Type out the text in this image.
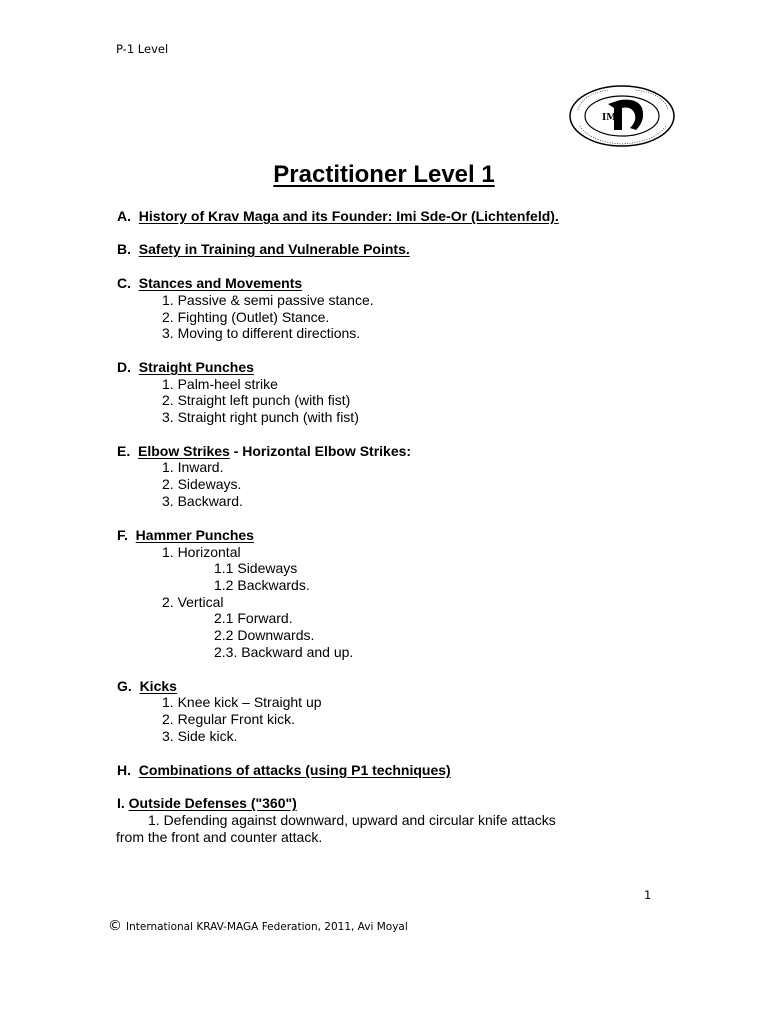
P-1 Level
IMI
Practitioner Level 1
A. History of Krav Maga and its Founder: Imi Sde-Or (Lichtenfeld).
B. Safety in Training and Vulnerable Points.
C. Stances and Movements
1. Passive & semi passive stance.
2. Fighting (Outlet) Stance.
3. Moving to different directions.
D. Straight Punches
1. Palm-heel strike
2. Straight left punch (with fist)
3. Straight right punch (with fist)
E. Elbow Strikes - Horizontal Elbow Strikes:
1. Inward.
2. Sideways.
3. Backward.
F. Hammer Punches
1. Horizontal
1.1 Sideways
1.2 Backwards.
2. Vertical
2.1 Forward.
2.2 Downwards.
2.3. Backward and up.
G. Kicks
1. Knee kick – Straight up
2. Regular Front kick.
3. Side kick.
H. Combinations of attacks (using P1 techniques)
I. Outside Defenses ("360")
1. Defending against downward, upward and circular knife attacks
from the front and counter attack.
1
© International KRAV-MAGA Federation, 2011, Avi Moyal
